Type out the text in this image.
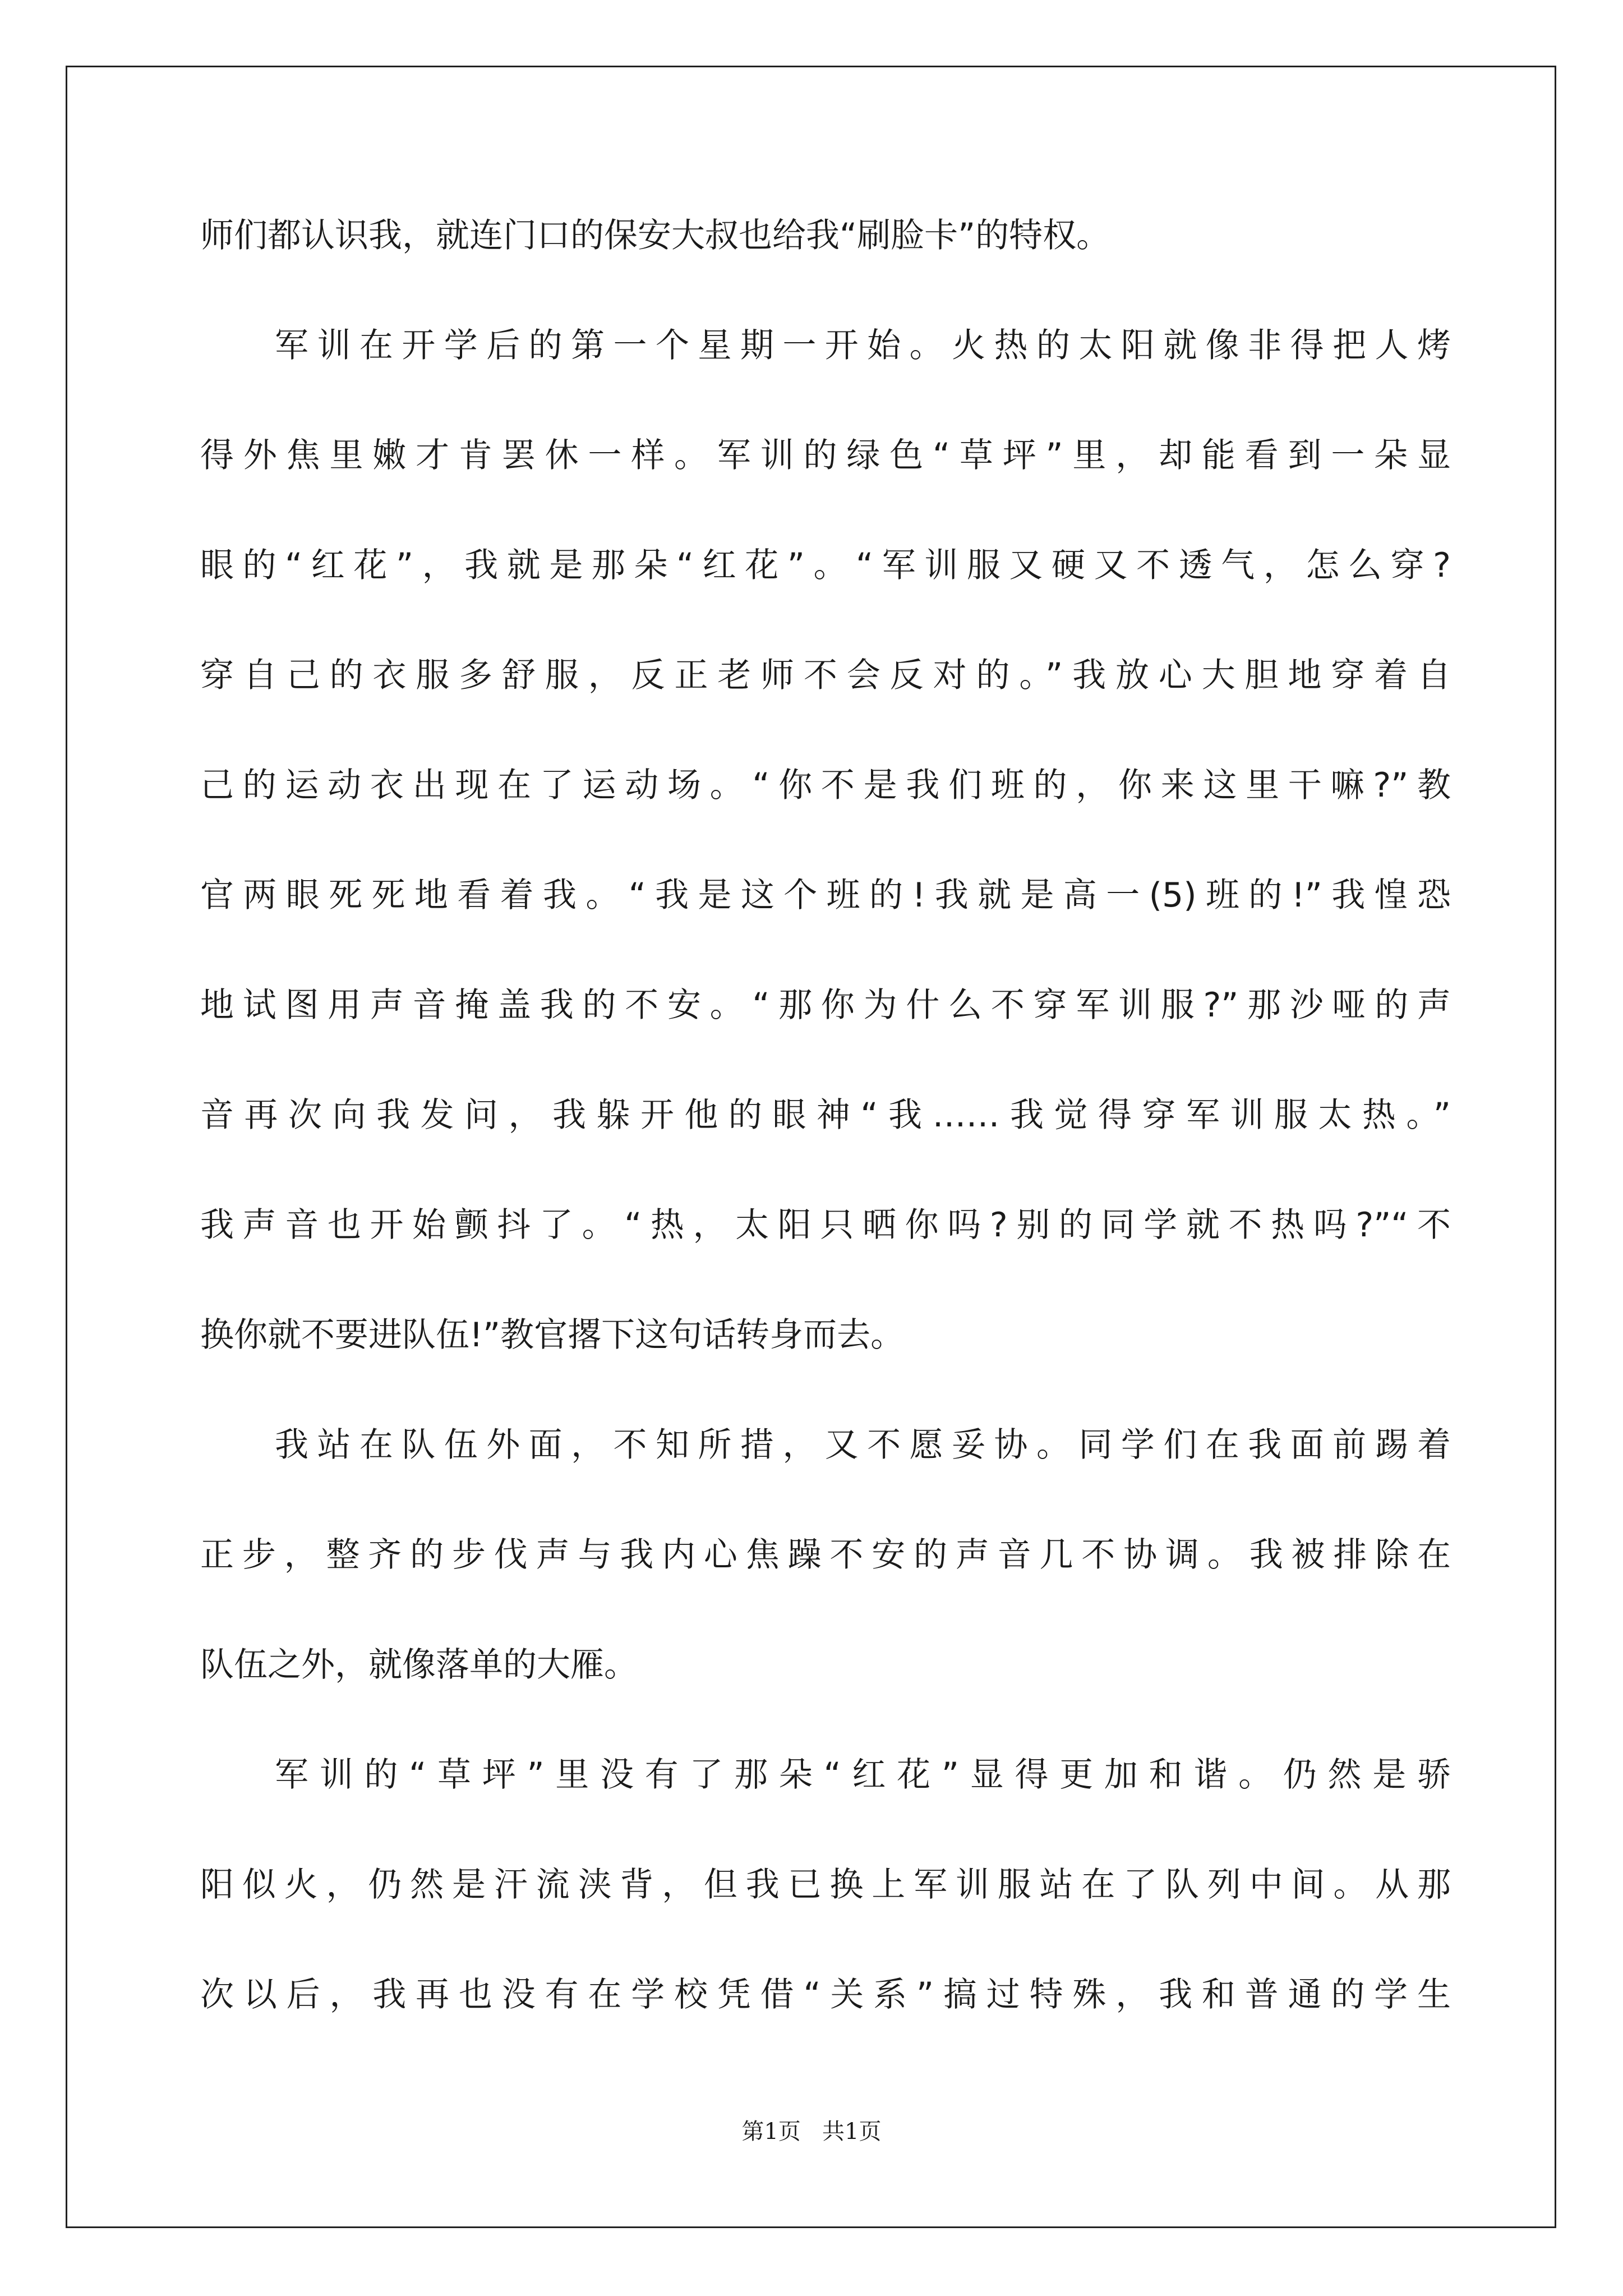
师们都认识我，就连门口的保安大叔也给我“刷脸卡”的特权。
军训在开学后的第一个星期一开始。火热的太阳就像非得把人烤
得外焦里嫩才肯罢休一样。军训的绿色“草坪”里，却能看到一朵显
眼的“红花”，我就是那朵“红花”。“军训服又硬又不透气，怎么穿?
穿自己的衣服多舒服，反正老师不会反对的。”我放心大胆地穿着自
己的运动衣出现在了运动场。“你不是我们班的，你来这里干嘛?”教
官两眼死死地看着我。“我是这个班的!我就是高一(5)班的!”我惶恐
地试图用声音掩盖我的不安。“那你为什么不穿军训服?”那沙哑的声
音再次向我发问，我躲开他的眼神“我……我觉得穿军训服太热。”
我声音也开始颤抖了。“热，太阳只晒你吗?别的同学就不热吗?”“不
换你就不要进队伍!”教官撂下这句话转身而去。
我站在队伍外面，不知所措，又不愿妥协。同学们在我面前踢着
正步，整齐的步伐声与我内心焦躁不安的声音几不协调。我被排除在
队伍之外，就像落单的大雁。
军训的“草坪”里没有了那朵“红花”显得更加和谐。仍然是骄
阳似火，仍然是汗流浃背，但我已换上军训服站在了队列中间。从那
次以后，我再也没有在学校凭借“关系”搞过特殊，我和普通的学生
第1页   共1页
